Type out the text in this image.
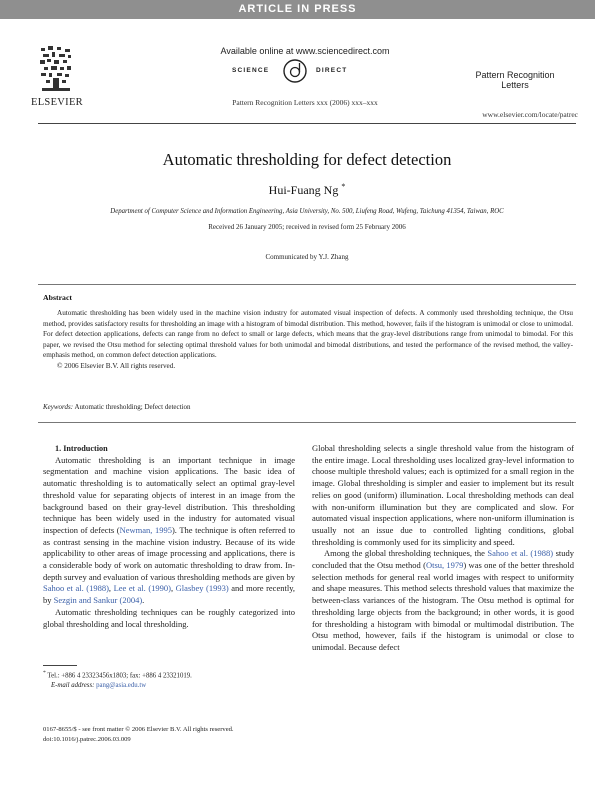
ARTICLE IN PRESS
ELSEVIER
Available online at www.sciencedirect.com
SCIENCE	DIRECT
Pattern Recognition Letters xxx (2006) xxx–xxx
Pattern Recognition
Letters
www.elsevier.com/locate/patrec
Automatic thresholding for defect detection
Hui-Fuang Ng *
Department of Computer Science and Information Engineering, Asia University, No. 500, Liufeng Road, Wufeng, Taichung 41354, Taiwan, ROC
Received 26 January 2005; received in revised form 25 February 2006
Communicated by Y.J. Zhang
Abstract

Automatic thresholding has been widely used in the machine vision industry for automated visual inspection of defects. A commonly used thresholding technique, the Otsu method, provides satisfactory results for thresholding an image with a histogram of bimodal distribution. This method, however, fails if the histogram is unimodal or close to unimodal. For defect detection applications, defects can range from no defect to small or large defects, which means that the gray-level distributions range from unimodal to bimodal. For this paper, we revised the Otsu method for selecting optimal threshold values for both unimodal and bimodal distributions, and tested the performance of the revised method, the valley-emphasis method, on common defect detection applications.

© 2006 Elsevier B.V. All rights reserved.

Keywords: Automatic thresholding; Defect detection

1. Introduction

Automatic thresholding is an important technique in image segmentation and machine vision applications. The basic idea of automatic thresholding is to automatically select an optimal gray-level threshold value for separating objects of interest in an image from the background based on their gray-level distribution. This thresholding technique has been widely used in the industry for automated visual inspection of defects (Newman, 1995). The technique is often referred to as contrast sensing in the machine vision industry. Because of its wide applicability to other areas of image processing and applications, there is a considerable body of work on automatic thresholding to draw from. In-depth survey and evaluation of various thresholding methods are given by Sahoo et al. (1988), Lee et al. (1990), Glasbey (1993) and more recently, by Sezgin and Sankur (2004).

Automatic thresholding techniques can be roughly categorized into global thresholding and local thresholding.

Global thresholding selects a single threshold value from the histogram of the entire image. Local thresholding uses localized gray-level information to choose multiple threshold values; each is optimized for a small region in the image. Global thresholding is simpler and easier to implement but its result relies on good (uniform) illumination. Local thresholding methods can deal with non-uniform illumination but they are complicated and slow. For automated visual inspection applications, where non-uniform illumination is usually not an issue due to controlled lighting conditions, global thresholding is commonly used for its simplicity and speed.

Among the global thresholding techniques, the Sahoo et al. (1988) study concluded that the Otsu method (Otsu, 1979) was one of the better threshold selection methods for general real world images with respect to uniformity and shape measures. This method selects threshold values that maximize the between-class variances of the histogram. The Otsu method is optimal for thresholding large objects from the background; in other words, it is good for thresholding a histogram with bimodal or multimodal distribution. The Otsu method, however, fails if the histogram is unimodal or close to unimodal. Because defect

* Tel.: +886 4 23323456x1803; fax: +886 4 23321019.
E-mail address: pang@asia.edu.tw
0167-8655/$ - see front matter © 2006 Elsevier B.V. All rights reserved.
doi:10.1016/j.patrec.2006.03.009
